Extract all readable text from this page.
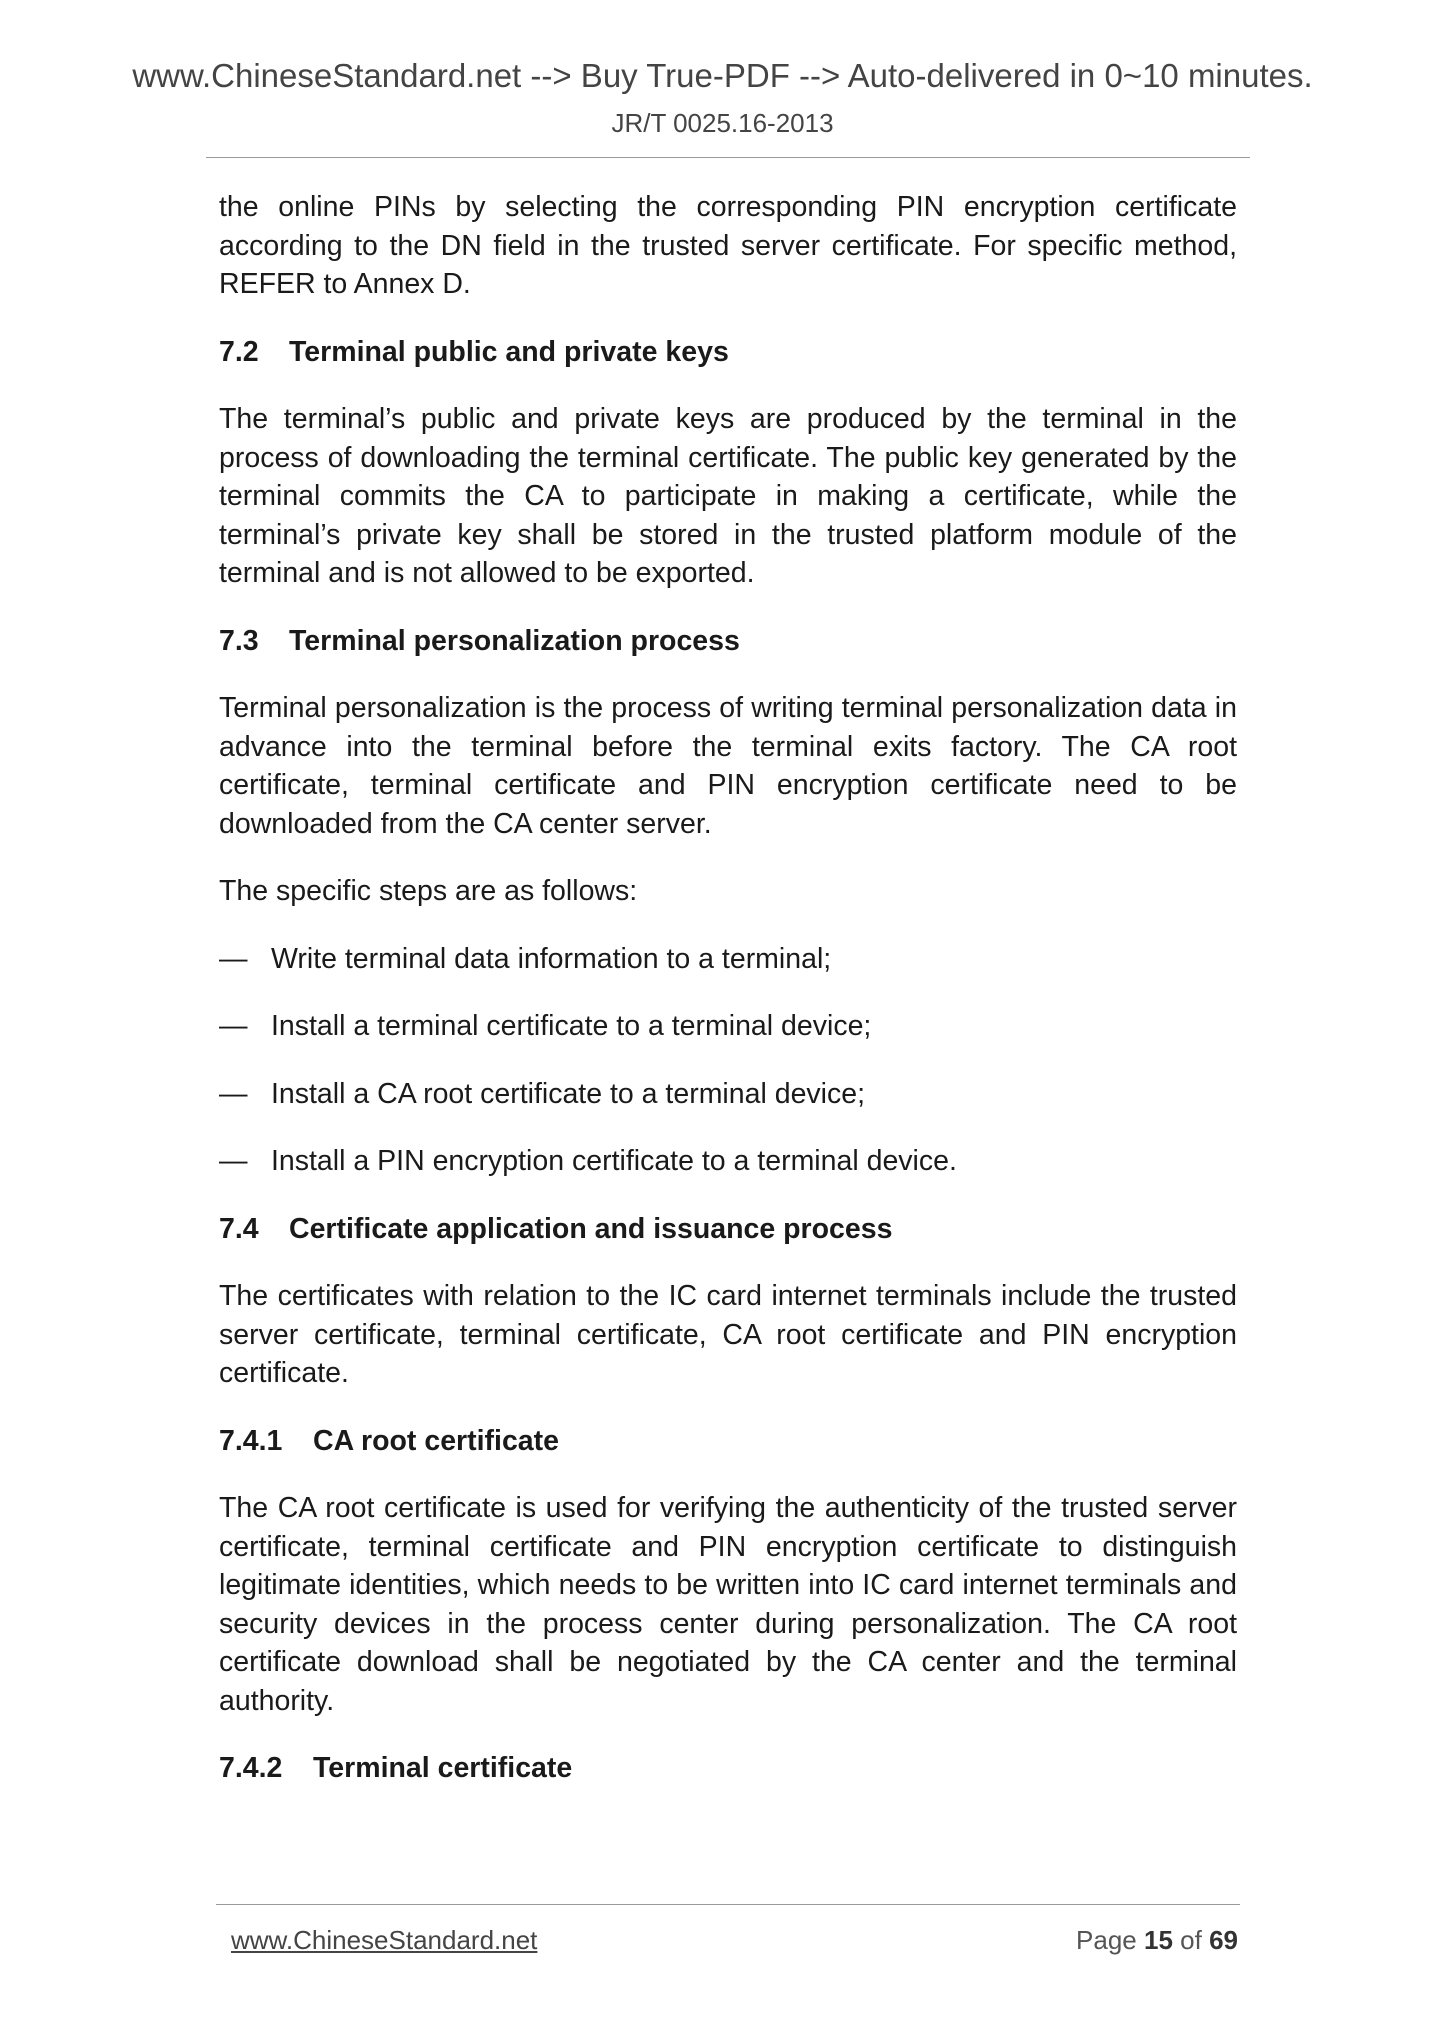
www.ChineseStandard.net --> Buy True-PDF --> Auto-delivered in 0~10 minutes.
JR/T 0025.16-2013

the online PINs by selecting the corresponding PIN encryption certificate according to the DN field in the trusted server certificate. For specific method, REFER to Annex D.

7.2 Terminal public and private keys

The terminal’s public and private keys are produced by the terminal in the process of downloading the terminal certificate. The public key generated by the terminal commits the CA to participate in making a certificate, while the terminal’s private key shall be stored in the trusted platform module of the terminal and is not allowed to be exported.

7.3 Terminal personalization process

Terminal personalization is the process of writing terminal personalization data in advance into the terminal before the terminal exits factory. The CA root certificate, terminal certificate and PIN encryption certificate need to be downloaded from the CA center server.

The specific steps are as follows:

— Write terminal data information to a terminal;
— Install a terminal certificate to a terminal device;
— Install a CA root certificate to a terminal device;
— Install a PIN encryption certificate to a terminal device.
7.4 Certificate application and issuance process

The certificates with relation to the IC card internet terminals include the trusted server certificate, terminal certificate, CA root certificate and PIN encryption certificate.

7.4.1 CA root certificate

The CA root certificate is used for verifying the authenticity of the trusted server certificate, terminal certificate and PIN encryption certificate to distinguish legitimate identities, which needs to be written into IC card internet terminals and security devices in the process center during personalization. The CA root certificate download shall be negotiated by the CA center and the terminal authority.

7.4.2 Terminal certificate
www.ChineseStandard.net	Page 15 of 69
